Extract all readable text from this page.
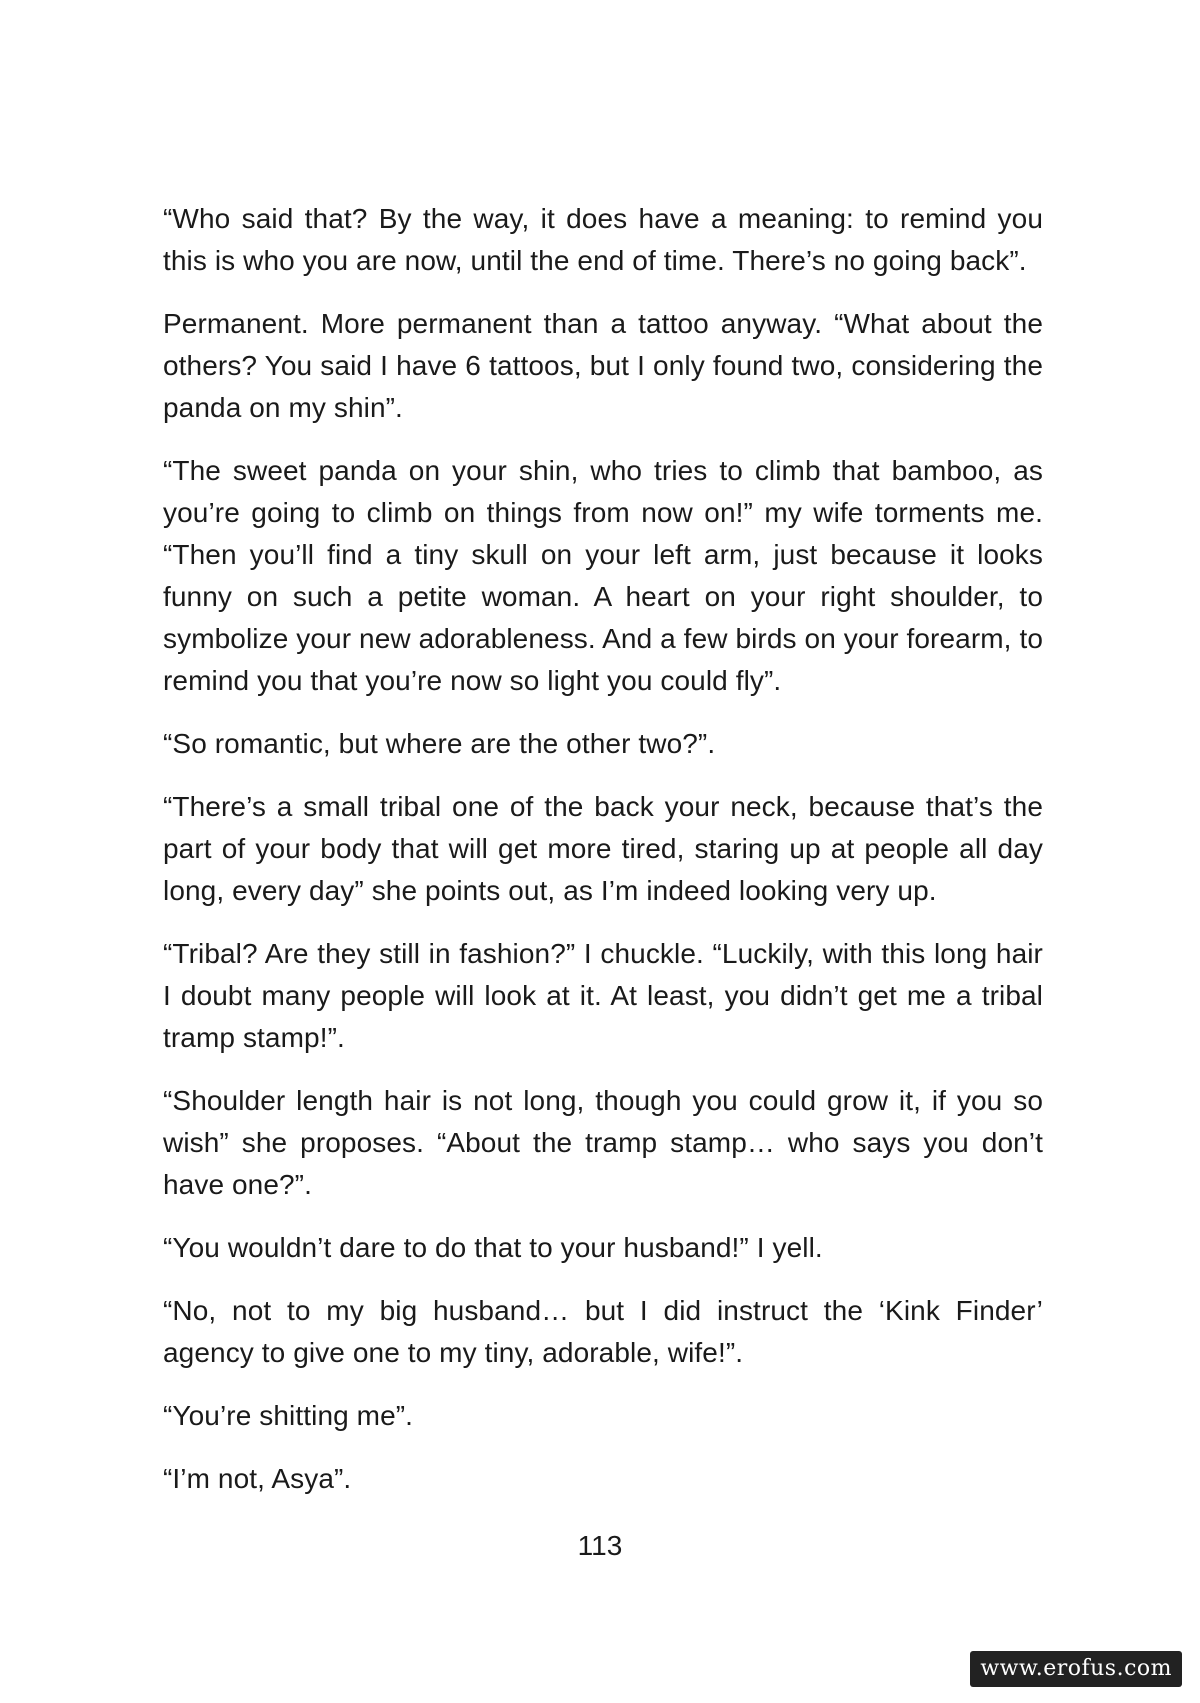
“Who said that? By the way, it does have a meaning: to remind you this is who you are now, until the end of time. There’s no going back”.

Permanent. More permanent than a tattoo anyway. “What about the others? You said I have 6 tattoos, but I only found two, considering the panda on my shin”.

“The sweet panda on your shin, who tries to climb that bamboo, as you’re going to climb on things from now on!” my wife torments me. “Then you’ll find a tiny skull on your left arm, just because it looks funny on such a petite woman. A heart on your right shoulder, to symbolize your new adorableness. And a few birds on your forearm, to remind you that you’re now so light you could fly”.

“So romantic, but where are the other two?”.

“There’s a small tribal one of the back your neck, because that’s the part of your body that will get more tired, staring up at people all day long, every day” she points out, as I’m indeed looking very up.

“Tribal? Are they still in fashion?” I chuckle. “Luckily, with this long hair I doubt many people will look at it. At least, you didn’t get me a tribal tramp stamp!”.

“Shoulder length hair is not long, though you could grow it, if you so wish” she proposes. “About the tramp stamp… who says you don’t have one?”.

“You wouldn’t dare to do that to your husband!” I yell.

“No, not to my big husband… but I did instruct the ‘Kink Finder’ agency to give one to my tiny, adorable, wife!”.

“You’re shitting me”.

“I’m not, Asya”.

113
www.erofus.com
